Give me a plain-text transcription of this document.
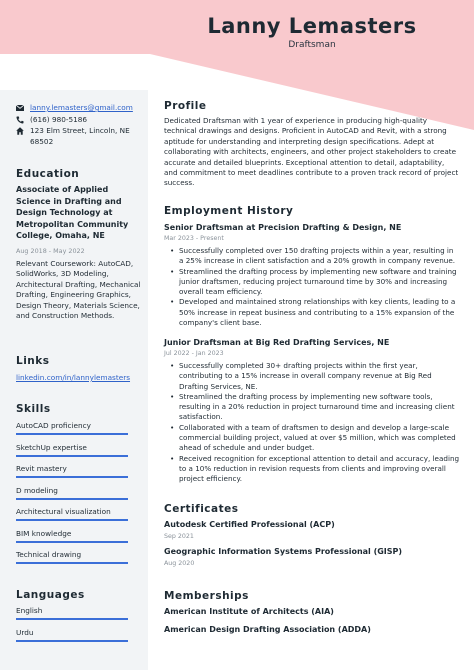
Lanny Lemasters
Draftsman
lanny.lemasters@gmail.com
(616) 980-5186
123 Elm Street, Lincoln, NE 68502
Education
Associate of Applied Science in Drafting and Design Technology at Metropolitan Community College, Omaha, NE
Aug 2018 - May 2022
Relevant Coursework: AutoCAD, SolidWorks, 3D Modeling, Architectural Drafting, Mechanical Drafting, Engineering Graphics, Design Theory, Materials Science, and Construction Methods.
Links
linkedin.com/in/lannylemasters
Skills
AutoCAD proficiency
SketchUp expertise
Revit mastery
D modeling
Architectural visualization
BIM knowledge
Technical drawing
Languages
English
Urdu
Profile
Dedicated Draftsman with 1 year of experience in producing high-quality technical drawings and designs. Proficient in AutoCAD and Revit, with a strong aptitude for understanding and interpreting design specifications. Adept at collaborating with architects, engineers, and other project stakeholders to create accurate and detailed blueprints. Exceptional attention to detail, adaptability, and commitment to meet deadlines contribute to a proven track record of project success.
Employment History
Senior Draftsman at Precision Drafting & Design, NE
Mar 2023 - Present
• Successfully completed over 150 drafting projects within a year, resulting in a 25% increase in client satisfaction and a 20% growth in company revenue.
• Streamlined the drafting process by implementing new software and training junior draftsmen, reducing project turnaround time by 30% and increasing overall team efficiency.
• Developed and maintained strong relationships with key clients, leading to a 50% increase in repeat business and contributing to a 15% expansion of the company's client base.
Junior Draftsman at Big Red Drafting Services, NE
Jul 2022 - Jan 2023
• Successfully completed 30+ drafting projects within the first year, contributing to a 15% increase in overall company revenue at Big Red Drafting Services, NE.
• Streamlined the drafting process by implementing new software tools, resulting in a 20% reduction in project turnaround time and increasing client satisfaction.
• Collaborated with a team of draftsmen to design and develop a large-scale commercial building project, valued at over $5 million, which was completed ahead of schedule and under budget.
• Received recognition for exceptional attention to detail and accuracy, leading to a 10% reduction in revision requests from clients and improving overall project efficiency.
Certificates
Autodesk Certified Professional (ACP)
Sep 2021
Geographic Information Systems Professional (GISP)
Aug 2020
Memberships
American Institute of Architects (AIA)
American Design Drafting Association (ADDA)
